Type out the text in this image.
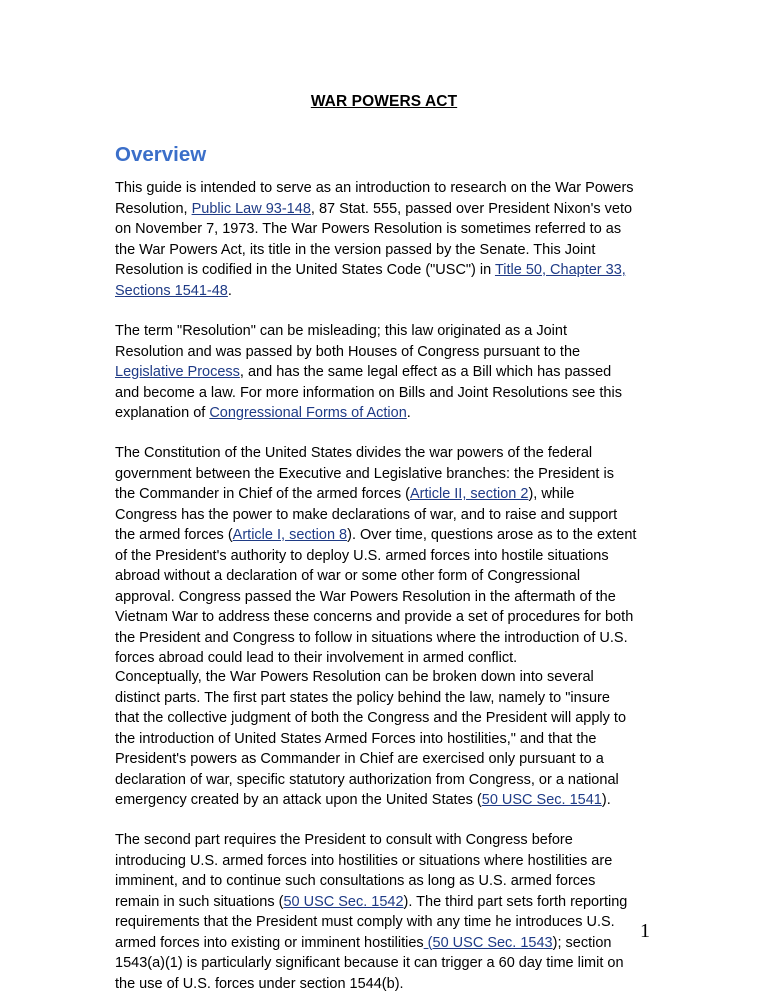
WAR POWERS ACT
Overview

This guide is intended to serve as an introduction to research on the War Powers
Resolution, Public Law 93-148, 87 Stat. 555, passed over President Nixon's veto
on November 7, 1973. The War Powers Resolution is sometimes referred to as
the War Powers Act, its title in the version passed by the Senate. This Joint
Resolution is codified in the United States Code ("USC") in Title 50, Chapter 33,
Sections 1541-48.

The term "Resolution" can be misleading; this law originated as a Joint
Resolution and was passed by both Houses of Congress pursuant to the
Legislative Process, and has the same legal effect as a Bill which has passed
and become a law. For more information on Bills and Joint Resolutions see this
explanation of Congressional Forms of Action.

The Constitution of the United States divides the war powers of the federal
government between the Executive and Legislative branches: the President is
the Commander in Chief of the armed forces (Article II, section 2), while
Congress has the power to make declarations of war, and to raise and support
the armed forces (Article I, section 8). Over time, questions arose as to the extent
of the President's authority to deploy U.S. armed forces into hostile situations
abroad without a declaration of war or some other form of Congressional
approval. Congress passed the War Powers Resolution in the aftermath of the
Vietnam War to address these concerns and provide a set of procedures for both
the President and Congress to follow in situations where the introduction of U.S.
forces abroad could lead to their involvement in armed conflict.

Conceptually, the War Powers Resolution can be broken down into several
distinct parts. The first part states the policy behind the law, namely to "insure
that the collective judgment of both the Congress and the President will apply to
the introduction of United States Armed Forces into hostilities," and that the
President's powers as Commander in Chief are exercised only pursuant to a
declaration of war, specific statutory authorization from Congress, or a national
emergency created by an attack upon the United States (50 USC Sec. 1541).

The second part requires the President to consult with Congress before
introducing U.S. armed forces into hostilities or situations where hostilities are
imminent, and to continue such consultations as long as U.S. armed forces
remain in such situations (50 USC Sec. 1542). The third part sets forth reporting
requirements that the President must comply with any time he introduces U.S.
armed forces into existing or imminent hostilities (50 USC Sec. 1543); section
1543(a)(1) is particularly significant because it can trigger a 60 day time limit on
the use of U.S. forces under section 1544(b).

1
